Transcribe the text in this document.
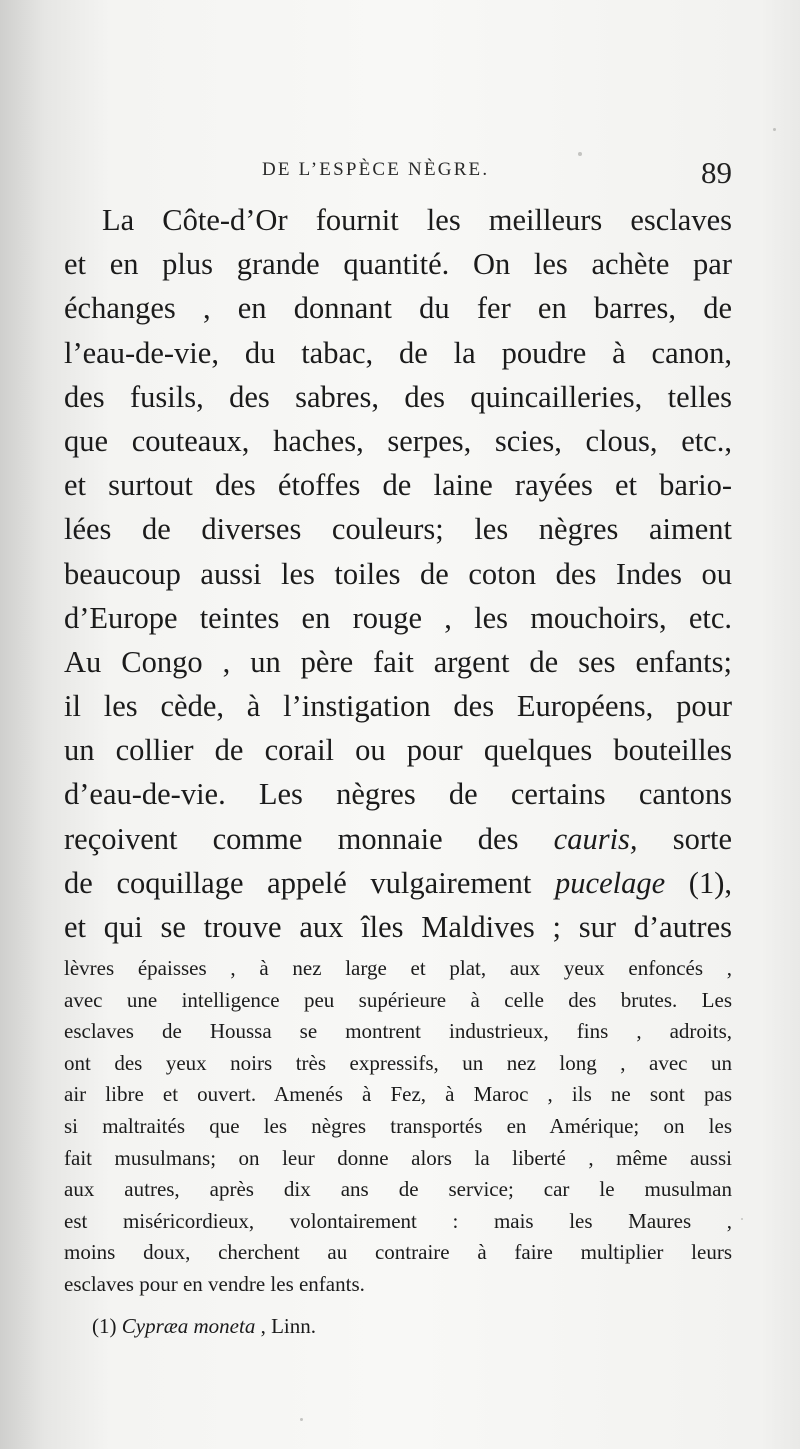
DE L’ESPÈCE NÈGRE.	89
La Côte-d’Or fournit les meilleurs esclaves
et en plus grande quantité. On les achète par
échanges , en donnant du fer en barres, de
l’eau-de-vie, du tabac, de la poudre à canon,
des fusils, des sabres, des quincailleries, telles
que couteaux, haches, serpes, scies, clous, etc.,
et surtout des étoffes de laine rayées et bario-
lées de diverses couleurs; les nègres aiment
beaucoup aussi les toiles de coton des Indes ou
d’Europe teintes en rouge , les mouchoirs, etc.
Au Congo , un père fait argent de ses enfants;
il les cède, à l’instigation des Européens, pour
un collier de corail ou pour quelques bouteilles
d’eau-de-vie. Les nègres de certains cantons
reçoivent comme monnaie des cauris, sorte
de coquillage appelé vulgairement pucelage (1),
et qui se trouve aux îles Maldives ; sur d’autres
lèvres épaisses , à nez large et plat, aux yeux enfoncés ,
avec une intelligence peu supérieure à celle des brutes. Les
esclaves de Houssa se montrent industrieux, fins , adroits,
ont des yeux noirs très expressifs, un nez long , avec un
air libre et ouvert. Amenés à Fez, à Maroc , ils ne sont pas
si maltraités que les nègres transportés en Amérique; on les
fait musulmans; on leur donne alors la liberté , même aussi
aux autres, après dix ans de service; car le musulman
est miséricordieux, volontairement : mais les Maures ,
moins doux, cherchent au contraire à faire multiplier leurs
esclaves pour en vendre les enfants.
(1) Cypræa moneta , Linn.
